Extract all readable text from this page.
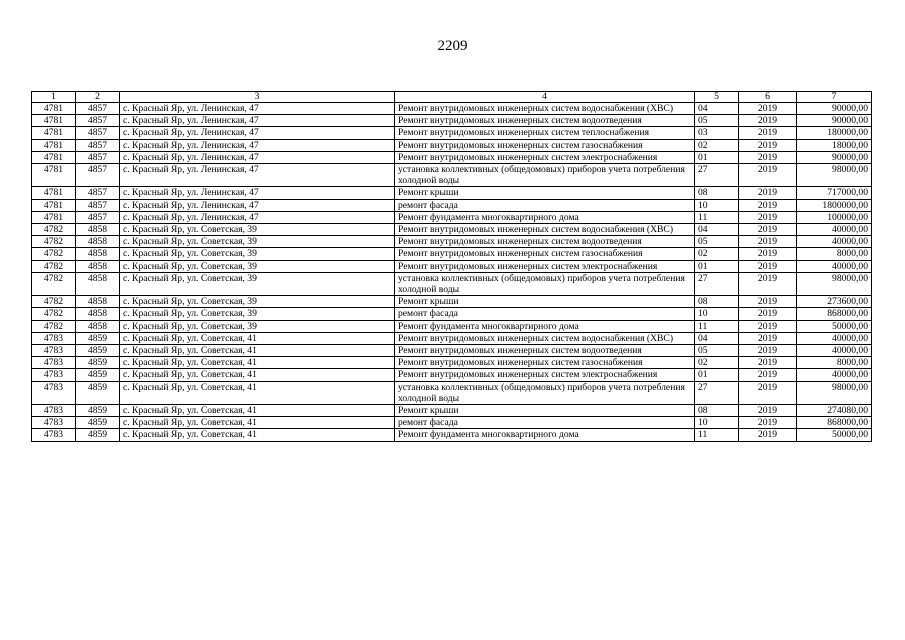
2209
1	2	3	4	5	6	7
4781	4857	с. Красный Яр, ул. Ленинская, 47	Ремонт внутридомовых инженерных систем водоснабжения (ХВС)	04	2019	90000,00
4781	4857	с. Красный Яр, ул. Ленинская, 47	Ремонт внутридомовых инженерных систем водоотведения	05	2019	90000,00
4781	4857	с. Красный Яр, ул. Ленинская, 47	Ремонт внутридомовых инженерных систем теплоснабжения	03	2019	180000,00
4781	4857	с. Красный Яр, ул. Ленинская, 47	Ремонт внутридомовых инженерных систем газоснабжения	02	2019	18000,00
4781	4857	с. Красный Яр, ул. Ленинская, 47	Ремонт внутридомовых инженерных систем электроснабжения	01	2019	90000,00
4781	4857	с. Красный Яр, ул. Ленинская, 47	установка коллективных (общедомовых) приборов учета потребления холодной воды	27	2019	98000,00
4781	4857	с. Красный Яр, ул. Ленинская, 47	Ремонт крыши	08	2019	717000,00
4781	4857	с. Красный Яр, ул. Ленинская, 47	ремонт фасада	10	2019	1800000,00
4781	4857	с. Красный Яр, ул. Ленинская, 47	Ремонт фундамента многоквартирного дома	11	2019	100000,00
4782	4858	с. Красный Яр, ул. Советская, 39	Ремонт внутридомовых инженерных систем водоснабжения (ХВС)	04	2019	40000,00
4782	4858	с. Красный Яр, ул. Советская, 39	Ремонт внутридомовых инженерных систем водоотведения	05	2019	40000,00
4782	4858	с. Красный Яр, ул. Советская, 39	Ремонт внутридомовых инженерных систем газоснабжения	02	2019	8000,00
4782	4858	с. Красный Яр, ул. Советская, 39	Ремонт внутридомовых инженерных систем электроснабжения	01	2019	40000,00
4782	4858	с. Красный Яр, ул. Советская, 39	установка коллективных (общедомовых) приборов учета потребления холодной воды	27	2019	98000,00
4782	4858	с. Красный Яр, ул. Советская, 39	Ремонт крыши	08	2019	273600,00
4782	4858	с. Красный Яр, ул. Советская, 39	ремонт фасада	10	2019	868000,00
4782	4858	с. Красный Яр, ул. Советская, 39	Ремонт фундамента многоквартирного дома	11	2019	50000,00
4783	4859	с. Красный Яр, ул. Советская, 41	Ремонт внутридомовых инженерных систем водоснабжения (ХВС)	04	2019	40000,00
4783	4859	с. Красный Яр, ул. Советская, 41	Ремонт внутридомовых инженерных систем водоотведения	05	2019	40000,00
4783	4859	с. Красный Яр, ул. Советская, 41	Ремонт внутридомовых инженерных систем газоснабжения	02	2019	8000,00
4783	4859	с. Красный Яр, ул. Советская, 41	Ремонт внутридомовых инженерных систем электроснабжения	01	2019	40000,00
4783	4859	с. Красный Яр, ул. Советская, 41	установка коллективных (общедомовых) приборов учета потребления холодной воды	27	2019	98000,00
4783	4859	с. Красный Яр, ул. Советская, 41	Ремонт крыши	08	2019	274080,00
4783	4859	с. Красный Яр, ул. Советская, 41	ремонт фасада	10	2019	868000,00
4783	4859	с. Красный Яр, ул. Советская, 41	Ремонт фундамента многоквартирного дома	11	2019	50000,00
